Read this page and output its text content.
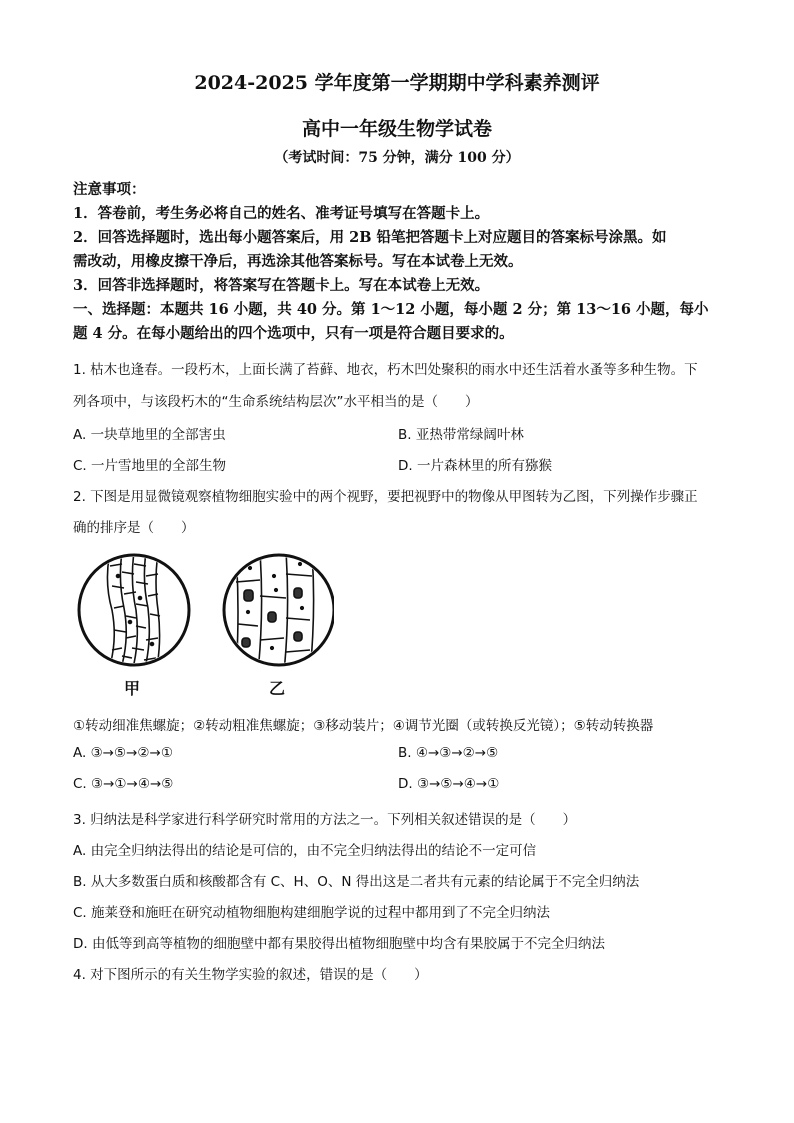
2024-2025 学年度第一学期期中学科素养测评
高中一年级生物学试卷
（考试时间：75 分钟，满分 100 分）
注意事项：
1．答卷前，考生务必将自己的姓名、准考证号填写在答题卡上。
2．回答选择题时，选出每小题答案后，用 2B 铅笔把答题卡上对应题目的答案标号涂黑。如
需改动，用橡皮擦干净后，再选涂其他答案标号。写在本试卷上无效。
3．回答非选择题时，将答案写在答题卡上。写在本试卷上无效。
一、选择题：本题共 16 小题，共 40 分。第 1～12 小题，每小题 2 分；第 13～16 小题，每小
题 4 分。在每小题给出的四个选项中，只有一项是符合题目要求的。
1. 枯木也逢春。一段朽木，上面长满了苔藓、地衣，朽木凹处聚积的雨水中还生活着水蚤等多种生物。下
列各项中，与该段朽木的“生命系统结构层次”水平相当的是（　　）
A. 一块草地里的全部害虫	B. 亚热带常绿阔叶林
C. 一片雪地里的全部生物	D. 一片森林里的所有猕猴
2. 下图是用显微镜观察植物细胞实验中的两个视野，要把视野中的物像从甲图转为乙图，下列操作步骤正
确的排序是（　　）
甲	乙
①转动细准焦螺旋；②转动粗准焦螺旋；③移动装片；④调节光圈（或转换反光镜）；⑤转动转换器
A. ③→⑤→②→①	B. ④→③→②→⑤
C. ③→①→④→⑤	D. ③→⑤→④→①
3. 归纳法是科学家进行科学研究时常用的方法之一。下列相关叙述错误的是（　　）
A. 由完全归纳法得出的结论是可信的，由不完全归纳法得出的结论不一定可信
B. 从大多数蛋白质和核酸都含有 C、H、O、N 得出这是二者共有元素的结论属于不完全归纳法
C. 施莱登和施旺在研究动植物细胞构建细胞学说的过程中都用到了不完全归纳法
D. 由低等到高等植物的细胞壁中都有果胶得出植物细胞壁中均含有果胶属于不完全归纳法
4. 对下图所示的有关生物学实验的叙述，错误的是（　　）
